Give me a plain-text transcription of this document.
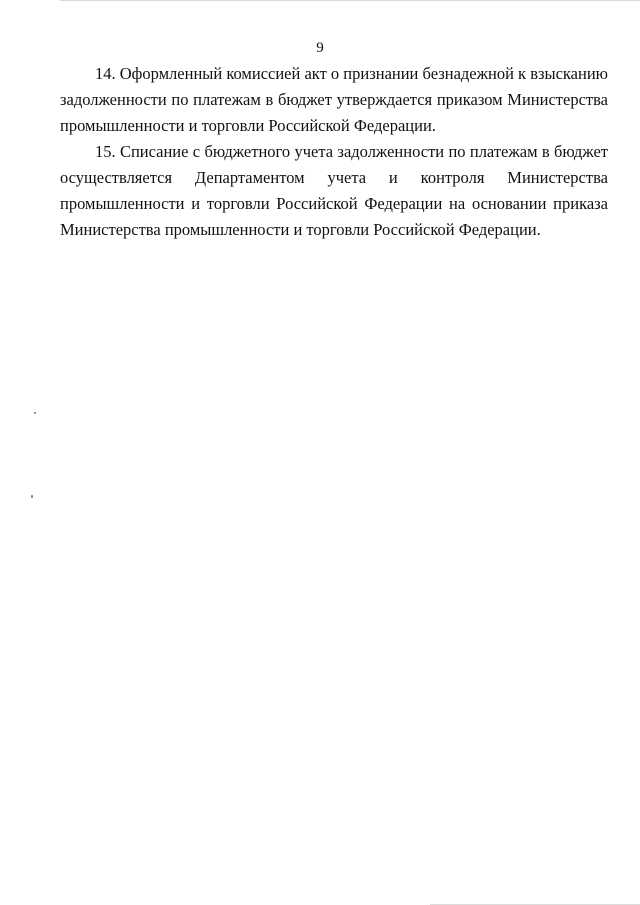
9

14. Оформленный комиссией акт о признании безнадежной к взысканию задолженности по платежам в бюджет утверждается приказом Министерства промышленности и торговли Российской Федерации.

15. Списание с бюджетного учета задолженности по платежам в бюджет осуществляется Департаментом учета и контроля Министерства промышленности и торговли Российской Федерации на основании приказа Министерства промышленности и торговли Российской Федерации.
